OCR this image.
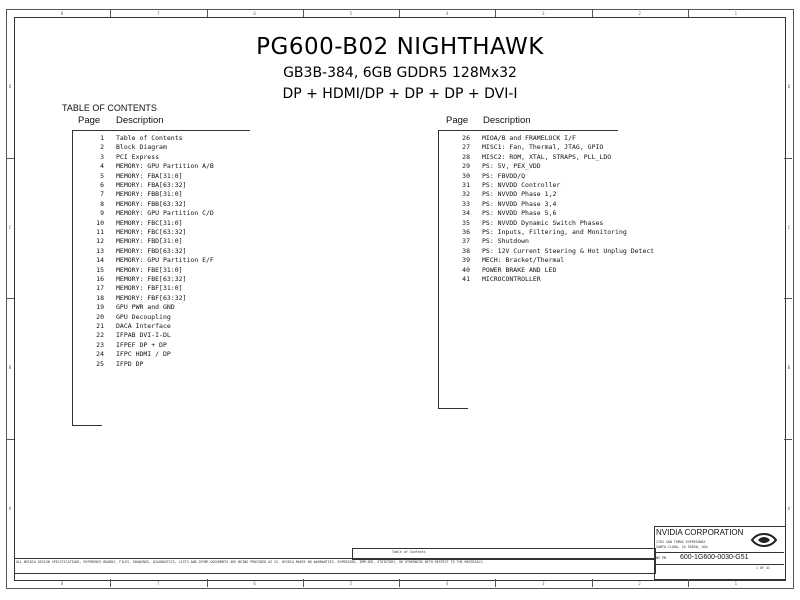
PG600-B02 NIGHTHAWK
GB3B-384, 6GB GDDR5 128Mx32
DP + HDMI/DP + DP + DP + DVI-I
TABLE OF CONTENTS
Page Description	Page Description
1 Table of Contents
2 Block Diagram
3 PCI Express
4 MEMORY: GPU Partition A/B
5 MEMORY: FBA[31:0]
6 MEMORY: FBA[63:32]
7 MEMORY: FBB[31:0]
8 MEMORY: FBB[63:32]
9 MEMORY: GPU Partition C/D
10 MEMORY: FBC[31:0]
11 MEMORY: FBC[63:32]
12 MEMORY: FBD[31:0]
13 MEMORY: FBD[63:32]
14 MEMORY: GPU Partition E/F
15 MEMORY: FBE[31:0]
16 MEMORY: FBE[63:32]
17 MEMORY: FBF[31:0]
18 MEMORY: FBF[63:32]
19 GPU PWR and GND
20 GPU Decoupling
21 DACA Interface
22 IFPAB DVI-I-DL
23 IFPEF DP + DP
24 IFPC HDMI / DP
25 IFPD DP
26 MIOA/B and FRAMELOCK I/F
27 MISC1: Fan, Thermal, JTAG, GPIO
28 MISC2: ROM, XTAL, STRAPS, PLL_LDO
29 PS: 5V, PEX_VDD
30 PS: FBVDD/Q
31 PS: NVVDD Controller
32 PS: NVVDD Phase 1,2
33 PS: NVVDD Phase 3,4
34 PS: NVVDD Phase 5,6
35 PS: NVVDD Dynamic Switch Phases
36 PS: Inputs, Filtering, and Monitoring
37 PS: Shutdown
38 PS: 12V Current Steering & Hot Unplug Detect
39 MECH: Bracket/Thermal
40 POWER BRAKE AND LED
41 MICROCONTROLLER
ALL NVIDIA DESIGN SPECIFICATIONS, REFERENCE BOARDS, FILES, DRAWINGS, DIAGNOSTICS, LISTS AND OTHER DOCUMENTS ARE BEING PROVIDED AS IS. NVIDIA MAKES NO WARRANTIES, EXPRESSED, IMPLIED, STATUTORY, OR OTHERWISE WITH RESPECT TO THE MATERIALS.
Table of Contents
NVIDIA CORPORATION
2701 SAN TOMAS EXPRESSWAY
SANTA CLARA, CA 95050, USA
NV PN 600-1G600-0030-G51
1 OF 41
8
8
7
7
6
6
5
5
4
4
3
3
2
2
1
1
D	D
C	C
B	B
A	A
